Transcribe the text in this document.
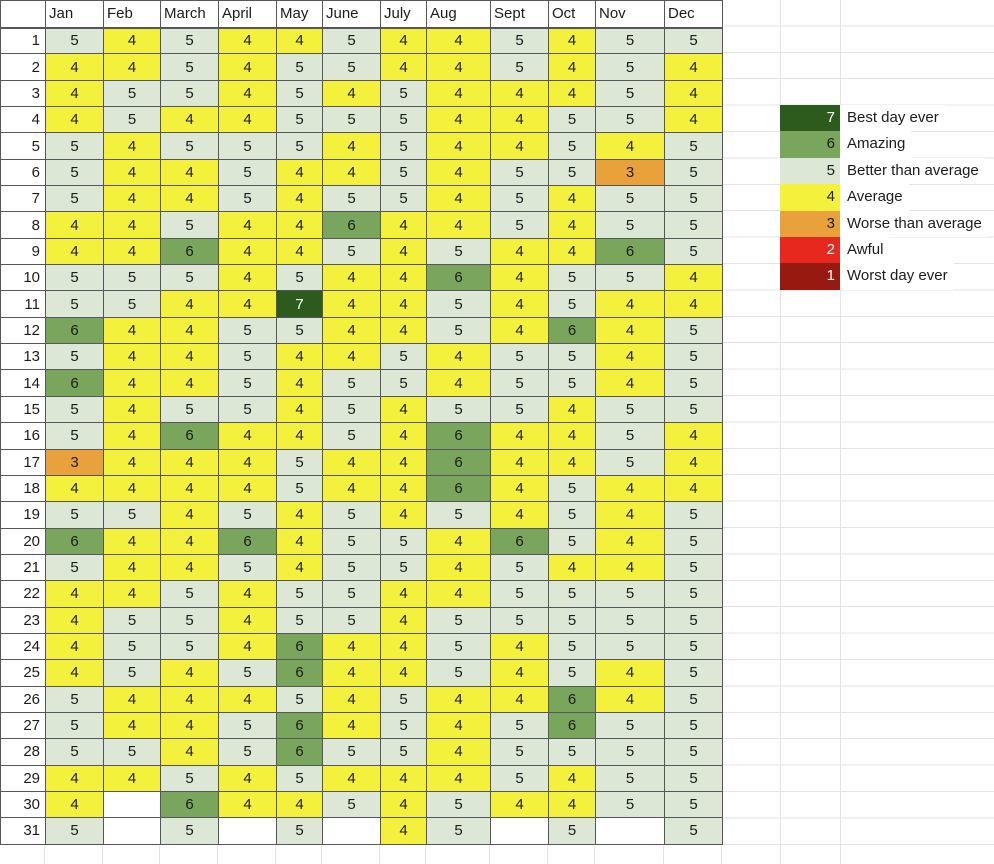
	Jan	Feb	March	April	May	June	July	Aug	Sept	Oct	Nov	Dec
1	5	4	5	4	4	5	4	4	5	4	5	5
2	4	4	5	4	5	5	4	4	5	4	5	4
3	4	5	5	4	5	4	5	4	4	4	5	4
4	4	5	4	4	5	5	5	4	4	5	5	4
5	5	4	5	5	5	4	5	4	4	5	4	5
6	5	4	4	5	4	4	5	4	5	5	3	5
7	5	4	4	5	4	5	5	4	5	4	5	5
8	4	4	5	4	4	6	4	4	5	4	5	5
9	4	4	6	4	4	5	4	5	4	4	6	5
10	5	5	5	4	5	4	4	6	4	5	5	4
11	5	5	4	4	7	4	4	5	4	5	4	4
12	6	4	4	5	5	4	4	5	4	6	4	5
13	5	4	4	5	4	4	5	4	5	5	4	5
14	6	4	4	5	4	5	5	4	5	5	4	5
15	5	4	5	5	4	5	4	5	5	4	5	5
16	5	4	6	4	4	5	4	6	4	4	5	4
17	3	4	4	4	5	4	4	6	4	4	5	4
18	4	4	4	4	5	4	4	6	4	5	4	4
19	5	5	4	5	4	5	4	5	4	5	4	5
20	6	4	4	6	4	5	5	4	6	5	4	5
21	5	4	4	5	4	5	5	4	5	4	4	5
22	4	4	5	4	5	5	4	4	5	5	5	5
23	4	5	5	4	5	5	4	5	5	5	5	5
24	4	5	5	4	6	4	4	5	4	5	5	5
25	4	5	4	5	6	4	4	5	4	5	4	5
26	5	4	4	4	5	4	5	4	4	6	4	5
27	5	4	4	5	6	4	5	4	5	6	5	5
28	5	5	4	5	6	5	5	4	5	5	5	5
29	4	4	5	4	5	4	4	4	5	4	5	5
30	4		6	4	4	5	4	5	4	4	5	5
31	5		5		5		4	5		5		5
7 Best day ever
6 Amazing
5 Better than average
4 Average
3 Worse than average
2 Awful
1 Worst day ever
